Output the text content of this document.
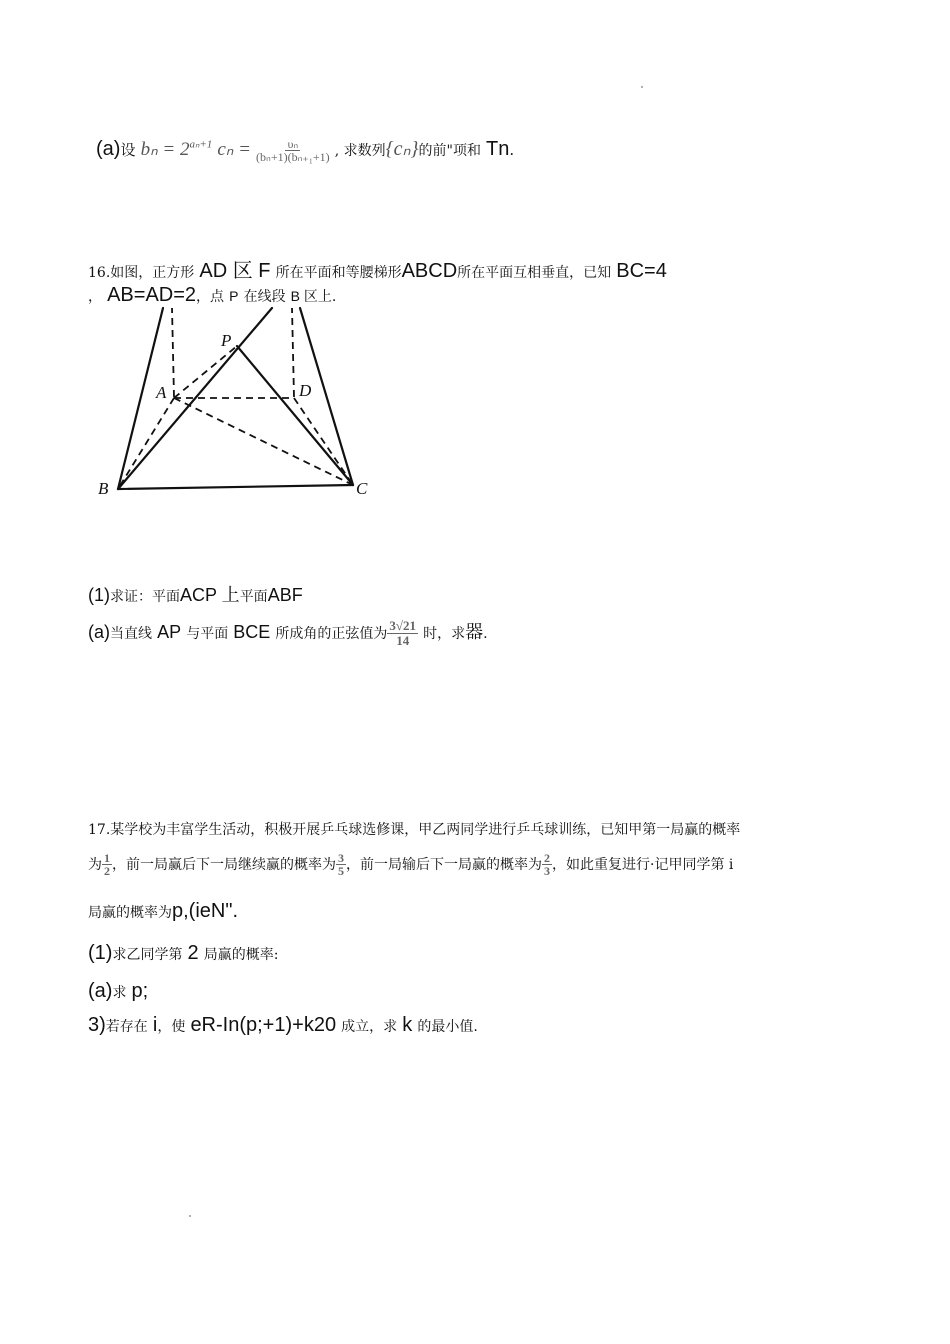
(a)设 $b_n = 2^{a_n+1}$ $c_n = \frac{\text{υₙ}}{\text{(bₙ+1)(bₙ₊₁+1)}}$ , 求数列{cₙ}的前"项和 Tn.
16.如图，正方形 AD 区 F 所在平面和等腰梯形ABCD所在平面互相垂直，已知 BC=4
， AB=AD=2，点 P 在线段 B 区上.
A
B	C
D
P
(1)求证：平面ACP 上平面ABF
(a)当直线 AP 与平面 BCE 所成角的正弦值为 $\frac{3√21}{14}$ 时，求器.
17.某学校为丰富学生活动，积极开展乒乓球选修课，甲乙两同学进行乒乓球训练，已知甲第一局赢的概率
为 $\frac{1}{2}$ ，前一局赢后下一局继续赢的概率为 $\frac{3}{5}$ ，前一局输后下一局赢的概率为 $\frac{2}{3}$ ，如此重复进行·记甲同学第 i
局赢的概率为p,(ieN".
(1)求乙同学第 2 局赢的概率:
(a)求 p;
3)若存在 i，使 eR-In(p;+1)+k20 成立，求 k 的最小值.
